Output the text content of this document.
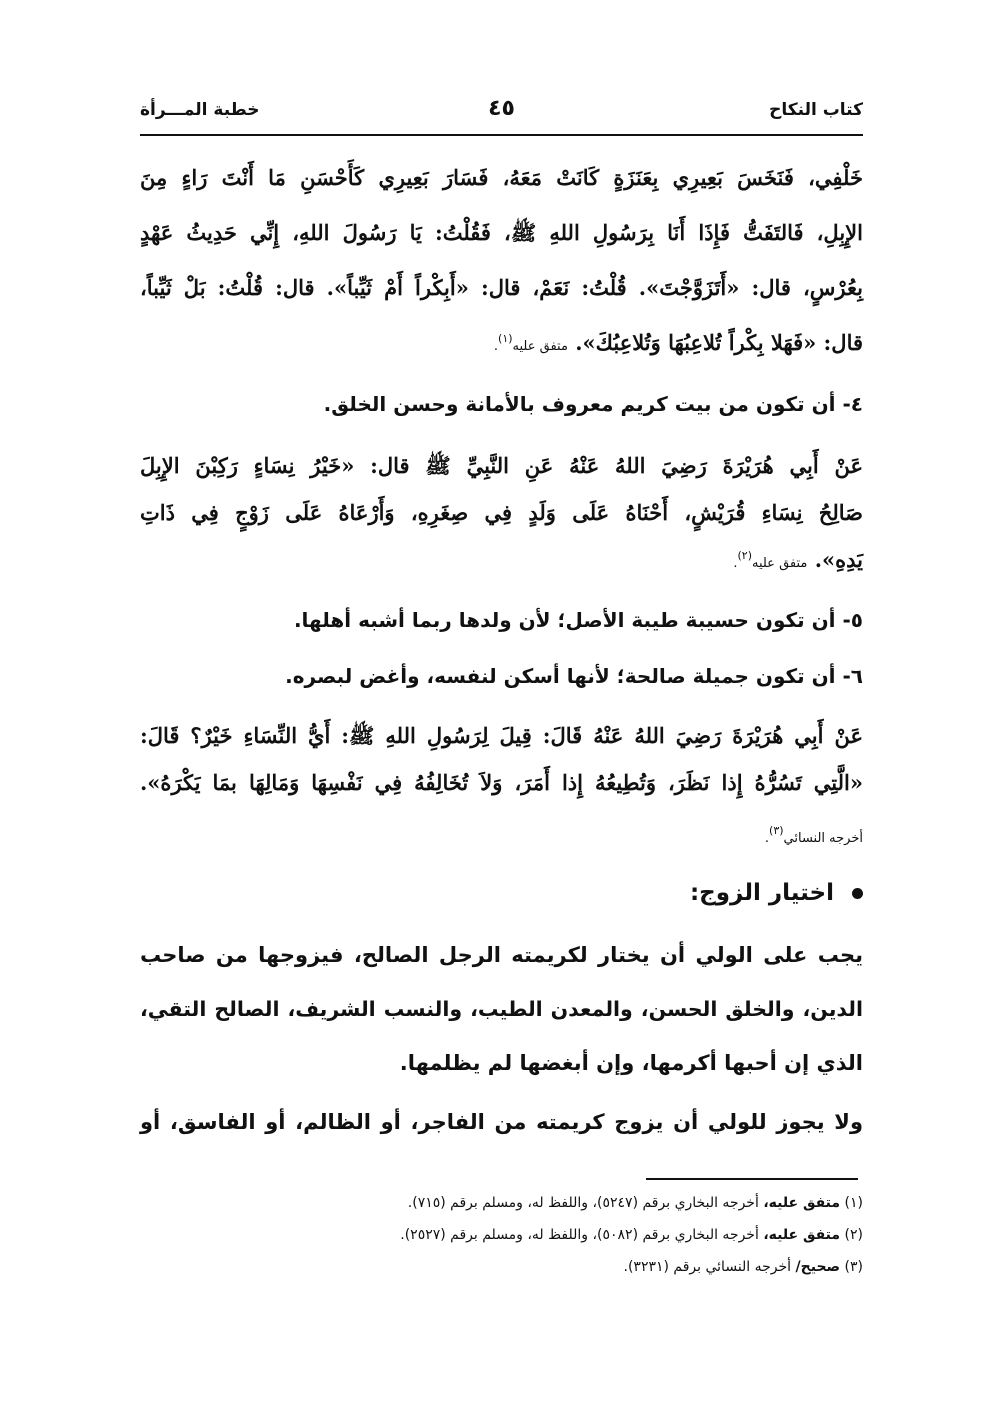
كتاب النكاح
٤٥
خطبة المـــرأة
خَلْفِي، فَنَخَسَ بَعِيرِي بِعَنَزَةٍ كَانَتْ مَعَهُ، فَسَارَ بَعِيرِي كَأَحْسَنِ مَا أَنْتَ رَاءٍ مِنَ
الإِبِلِ، فَالتَفَتُّ فَإِذَا أَنَا بِرَسُولِ اللهِ ﷺ، فَقُلْتُ: يَا رَسُولَ اللهِ، إِنِّي حَدِيثُ عَهْدٍ
بِعُرْسٍ، قال: «أَتَزَوَّجْتَ». قُلْتُ: نَعَمْ، قال: «أَبِكْراً أَمْ ثَيِّباً». قال: قُلْتُ: بَلْ ثَيِّباً،
قال: «فَهَلا بِكْراً تُلاعِبُهَا وَتُلاعِبُكَ». متفق عليه$^{(١)}$.
٤- أن تكون من بيت كريم معروف بالأمانة وحسن الخلق.
عَنْ أَبِي هُرَيْرَةَ رَضِيَ اللهُ عَنْهُ عَنِ النَّبِيِّ ﷺ قال: «خَيْرُ نِسَاءٍ رَكِبْنَ الإِبِلَ
صَالِحُ نِسَاءِ قُرَيْشٍ، أَحْنَاهُ عَلَى وَلَدٍ فِي صِغَرِهِ، وَأَرْعَاهُ عَلَى زَوْجٍ فِي ذَاتِ
يَدِهِ». متفق عليه$^{(٢)}$.
٥- أن تكون حسيبة طيبة الأصل؛ لأن ولدها ربما أشبه أهلها.
٦- أن تكون جميلة صالحة؛ لأنها أسكن لنفسه، وأغض لبصره.
عَنْ أَبِي هُرَيْرَةَ رَضِيَ اللهُ عَنْهُ قَالَ: قِيلَ لِرَسُولِ اللهِ ﷺ: أَيُّ النِّسَاءِ خَيْرٌ؟ قَالَ:
«الَّتِي تَسُرُّهُ إِذا نَظَرَ، وَتُطِيعُهُ إِذا أَمَرَ، وَلاَ تُخَالِفُهُ فِي نَفْسِهَا وَمَالِهَا بمَا يَكْرَهُ».
أخرجه النسائي$^{(٣)}$.
اختيار الزوج:
يجب على الولي أن يختار لكريمته الرجل الصالح، فيزوجها من صاحب
الدين، والخلق الحسن، والمعدن الطيب، والنسب الشريف، الصالح التقي،
الذي إن أحبها أكرمها، وإن أبغضها لم يظلمها.
ولا يجوز للولي أن يزوج كريمته من الفاجر، أو الظالم، أو الفاسق، أو
(١) متفق عليه، أخرجه البخاري برقم (٥٢٤٧)، واللفظ له، ومسلم برقم (٧١٥).
(٢) متفق عليه، أخرجه البخاري برقم (٥٠٨٢)، واللفظ له، ومسلم برقم (٢٥٢٧).
(٣) صحيح/ أخرجه النسائي برقم (٣٢٣١).
